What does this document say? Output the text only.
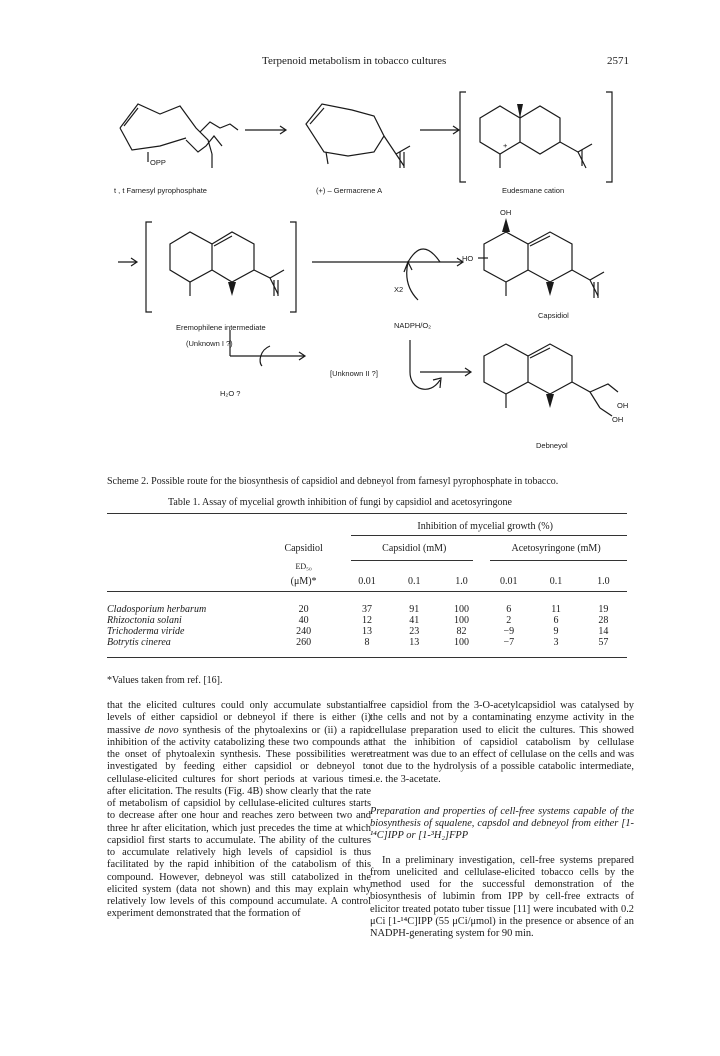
Terpenoid metabolism in tobacco cultures	2571
OPP
t , t Farnesyl pyrophosphate	(+) – Germacrene A
+
Eudesmane cation
Eremophilene intermediate
(Unknown I ?)
X2
NADPH/O₂
OH
HO
Capsidiol
[Unknown II ?]
H₂O ?
OH
OH
Debneyol
Scheme 2. Possible route for the biosynthesis of capsidiol and debneyol from farnesyl pyrophosphate in tobacco.
Table 1. Assay of mycelial growth inhibition of fungi by capsidiol and acetosyringone
		Inhibition of mycelial growth (%)					
	Capsidiol	Capsidiol (mM)			Acetosyringone (mM)		
	ED₅₀						
	(μM)*	0.01	0.1	1.0	0.01	0.1	1.0

Cladosporium herbarum	20	37	91	100	6	11	19
Rhizoctonia solani	40	12	41	100	2	6	28
Trichoderma viride	240	13	23	82	−9	9	14
Botrytis cinerea	260	8	13	100	−7	3	57
*Values taken from ref. [16].

that the elicited cultures could only accumulate substantial levels of either capsidiol or debneyol if there is either (i) massive de novo synthesis of the phytoalexins or (ii) a rapid inhibition of the activity catabolizing these two compounds at the onset of phytoalexin synthesis. These possibilities were investigated by feeding either capsidiol or debneyol to cellulase-elicited cultures for short periods at various times after elicitation. The results (Fig. 4B) show clearly that the rate of metabolism of capsidiol by cellulase-elicited cultures starts to decrease after one hour and reaches zero between two and three hr after elicitation, which just precedes the time at which capsidiol first starts to accumulate. The ability of the cultures to accumulate relatively high levels of capsidiol is thus facilitated by the rapid inhibition of the catabolism of this compound. However, debneyol was still catabolized in the elicited system (data not shown) and this may explain why relatively low levels of this compound accumulate. A control experiment demonstrated that the formation of

free capsidiol from the 3-O-acetylcapsidiol was catalysed by the cells and not by a contaminating enzyme activity in the cellulase preparation used to elicit the cultures. This showed that the inhibition of capsidiol catabolism by cellulase treatment was due to an effect of cellulase on the cells and was not due to the hydrolysis of a possible catabolic intermediate, i.e. the 3-acetate.

Preparation and properties of cell-free systems capable of the biosynthesis of squalene, capsdol and debneyol from either [1-¹⁴C]IPP or [1-³H₂]FPP

In a preliminary investigation, cell-free systems prepared from unelicited and cellulase-elicited tobacco cells by the method used for the successful demonstration of the biosynthesis of lubimin from IPP by cell-free extracts of elicitor treated potato tuber tissue [11] were incubated with 0.2 μCi [1-¹⁴C]IPP (55 μCi/μmol) in the presence or absence of an NADPH-generating system for 90 min.
